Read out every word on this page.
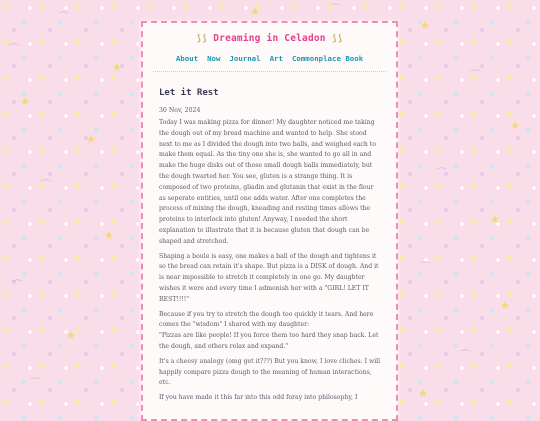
⌒
★
⌒
★
⌒
★
⌒
★
⌒
★
★
⌒
★
⌒
★
⌒
★
⌒
★
★	⌒
⟆⟆ Dreaming in Celadon ⟆⟆
About Now Journal Art Commonplace Book
Let it Rest
30 Nov, 2024

Today I was making pizza for dinner! My daughter noticed me taking the dough out of my bread machine and wanted to help. She stood next to me as I divided the dough into two balls, and weighed each to make them equal. As the tiny one she is, she wanted to go all in and make the huge disks out of those small dough balls immediately, but the dough twarted her. You see, gluten is a strange thing. It is composed of two proteins, gliadin and glutanin that exist in the flour as seperate entities, until one adds water. After one completes the process of mixing the dough, kneading and resting times allows the proteins to interlock into gluten! Anyway, I needed the short explanation to illustrate that it is because gluten that dough can be shaped and stretched.

Shaping a boule is easy, one makes a ball of the dough and tightens it so the bread can retain it's shape. But pizza is a DISK of dough. And it is near impossible to stretch it completely in one go. My daughter wishes it were and every time I admonish her with a "GIRL! LET IT REST!!!!"

Because if you try to stretch the dough too quickly it tears. And here comes the "wisdom" I shared with my daughter:
"Pizzas are like people! If you force them too hard they snap back. Let the dough, and others relax and expand."

It's a cheesy analogy (omg get it???) But you know, I love cliches. I will happily compare pizza dough to the meaning of human interactions, etc.

If you have made it this far into this odd foray into philosophy, I
